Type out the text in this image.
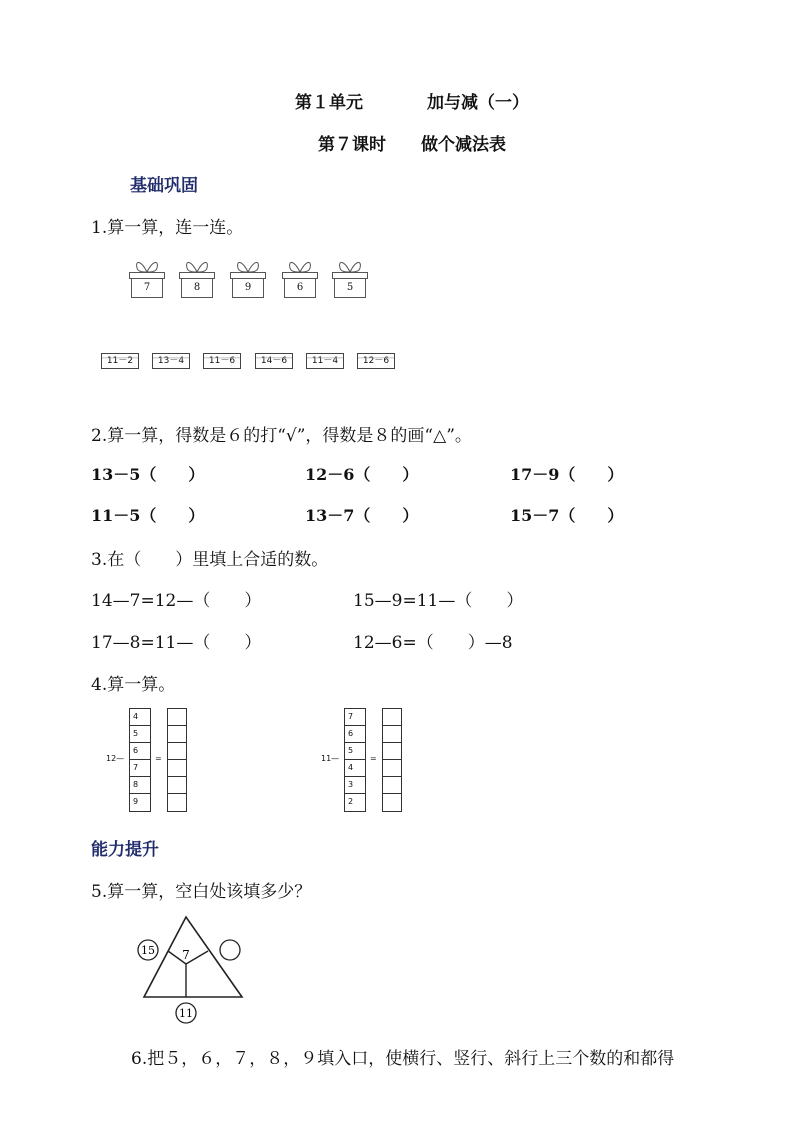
第１单元	加与减（一）
第７课时 做个减法表
基础巩固
1.算一算，连一连。
7	8	9	6	5
11－2	13－4	11－6	14－6	11－4	12－6
2.算一算，得数是６的打“√”，得数是８的画“△”。
13－5（　　）	12－6（　　）	17－9（　　）
11－5（　　）	13－7（　　）	15－7（　　）
3.在（　　）里填上合适的数。
14—7=12—（　　）	15—9=11—（　　）
17—8=11—（　　）	12—6=（　　）—8
4.算一算。
12—
4
5
6
7
8
9
=	11—
7
6
5
4
3
2
=
能力提升
5.算一算，空白处该填多少？
7
15
11
6.把５，６，７，８，９填入口，使横行、竖行、斜行上三个数的和都得
